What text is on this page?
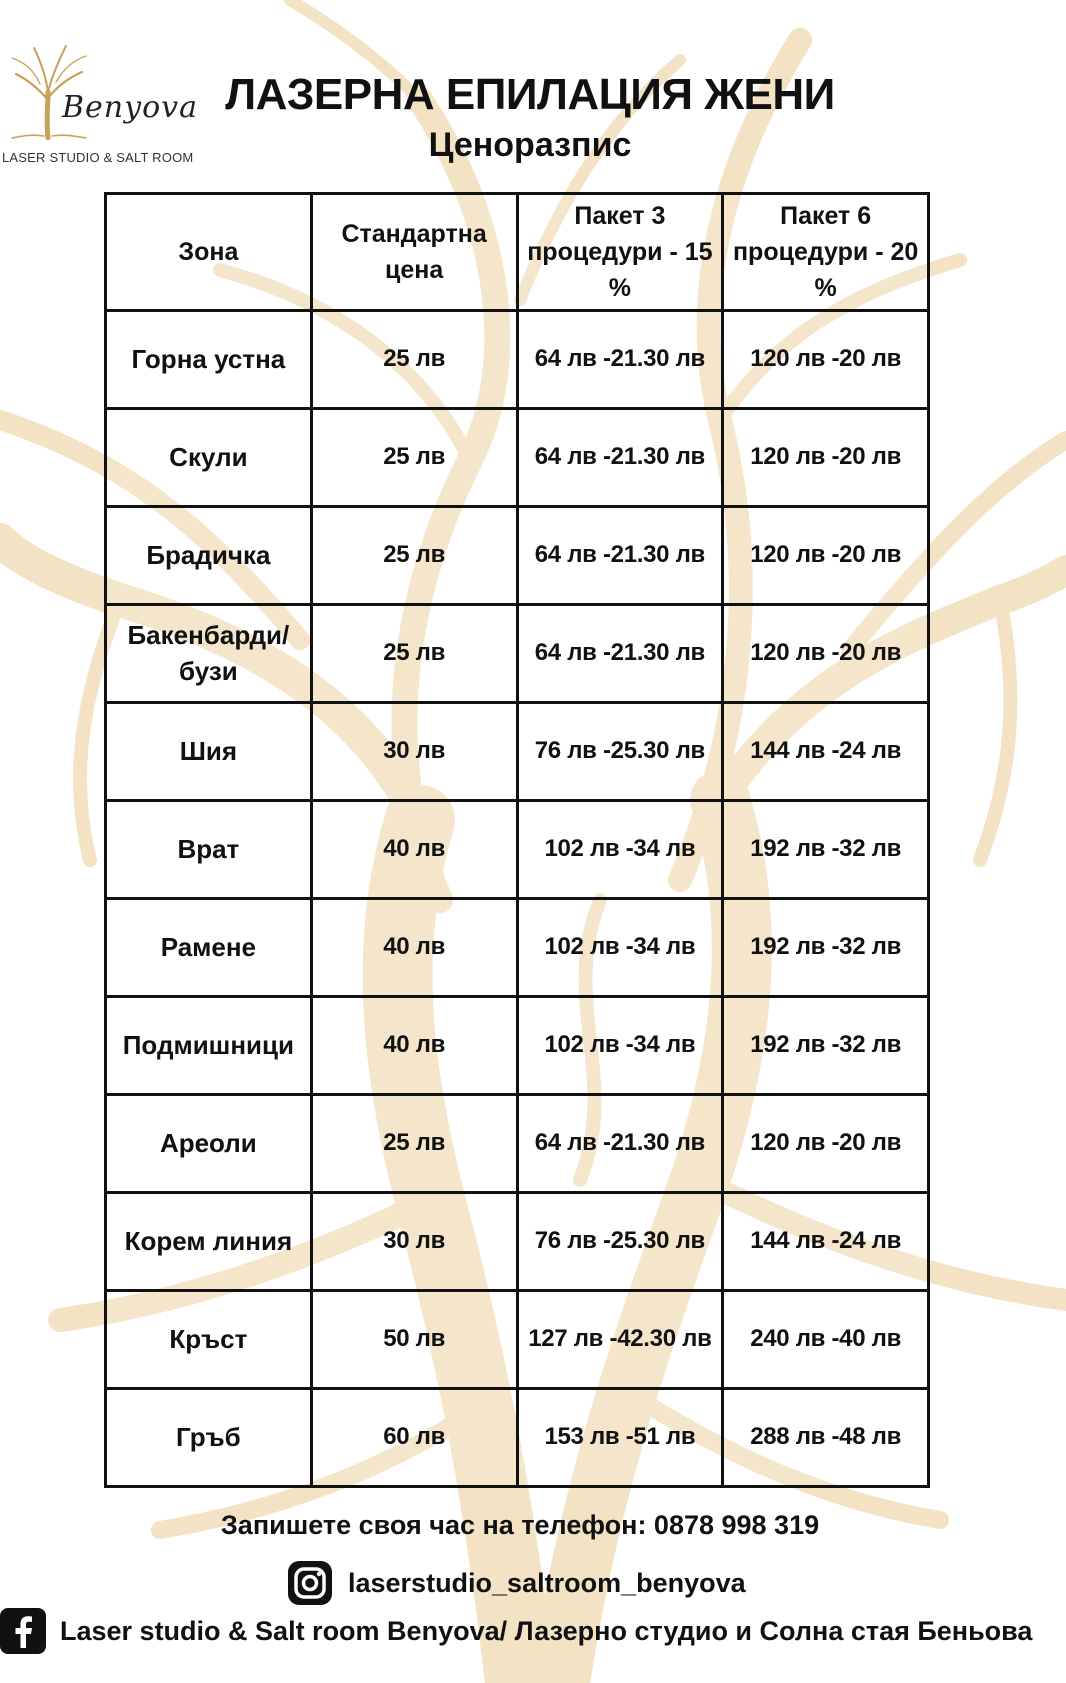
Benyova
LASER STUDIO & SALT ROOM
ЛАЗЕРНА ЕПИЛАЦИЯ ЖЕНИ
Ценоразпис
Зона	Стандартна цена	Пакет 3 процедури - 15 %	Пакет 6 процедури - 20 %
Горна устна	25 лв	64 лв -21.30 лв	120 лв -20 лв
Скули	25 лв	64 лв -21.30 лв	120 лв -20 лв
Брадичка	25 лв	64 лв -21.30 лв	120 лв -20 лв
Бакенбарди/ бузи	25 лв	64 лв -21.30 лв	120 лв -20 лв
Шия	30 лв	76 лв -25.30 лв	144 лв -24 лв
Врат	40 лв	102 лв -34 лв	192 лв -32 лв
Рамене	40 лв	102 лв -34 лв	192 лв -32 лв
Подмишници	40 лв	102 лв -34 лв	192 лв -32 лв
Ареоли	25 лв	64 лв -21.30 лв	120 лв -20 лв
Корем линия	30 лв	76 лв -25.30 лв	144 лв -24 лв
Кръст	50 лв	127 лв -42.30 лв	240 лв -40 лв
Гръб	60 лв	153 лв -51 лв	288 лв -48 лв
Запишете своя час на телефон: 0878 998 319
laserstudio_saltroom_benyova
Laser studio & Salt room Benyova/ Лазерно студио и Солна стая Беньова
